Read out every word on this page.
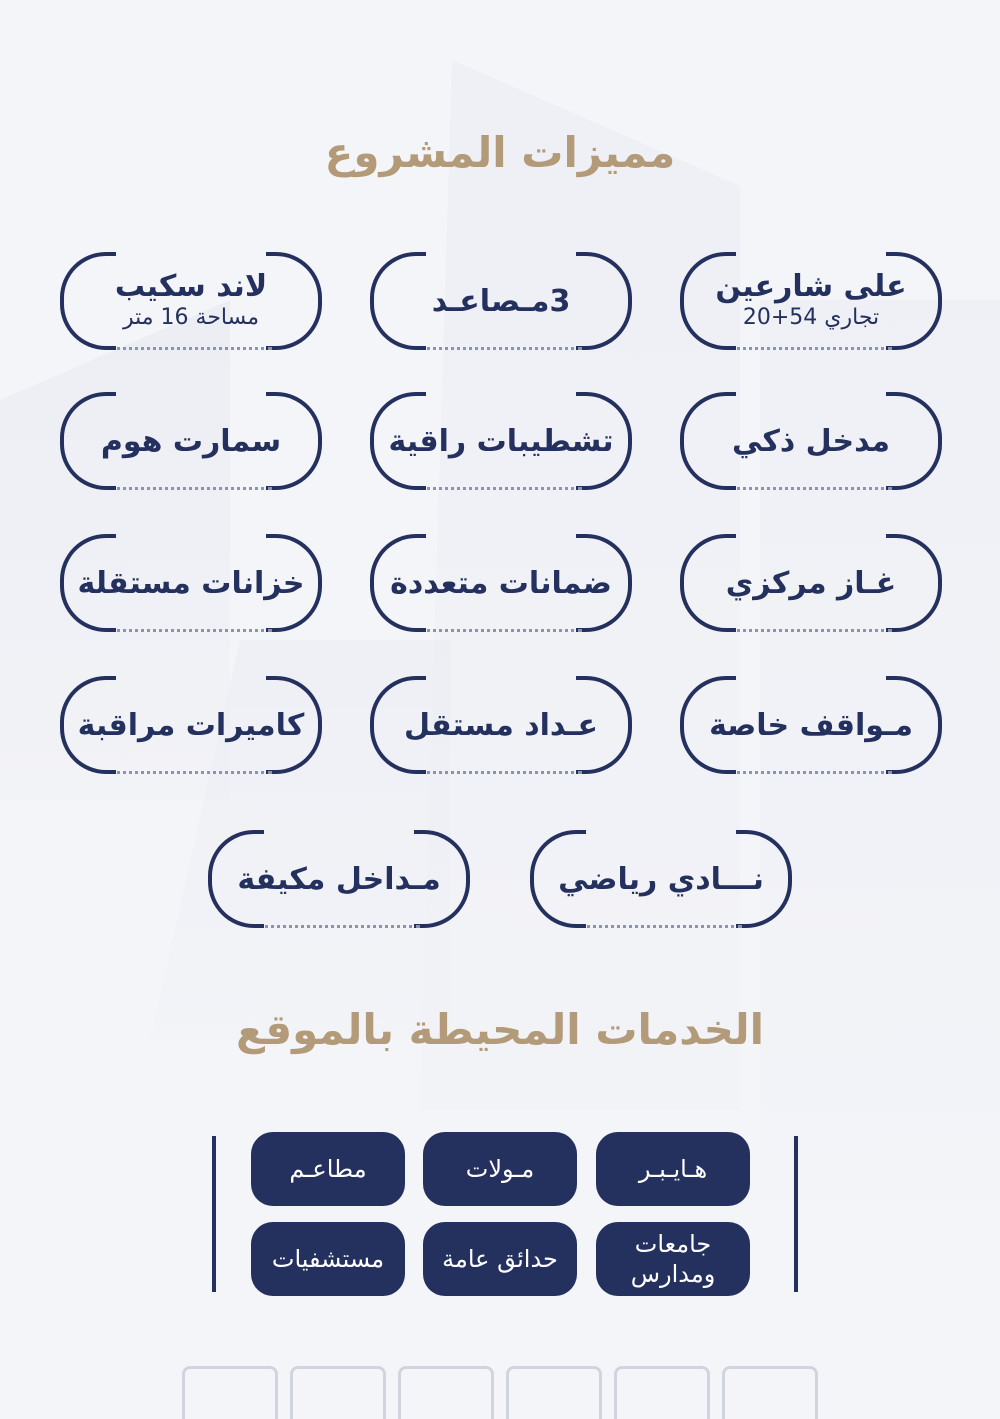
مميزات المشروع
على شارعين
تجاري 54+20
3مـصاعـد
لاند سكيب
مساحة 16 متر
مدخل ذكي
تشطيبات راقية
سمارت هوم
غـاز مركزي
ضمانات متعددة
خزانات مستقلة
مـواقف خاصة
عـداد مستقل
كاميرات مراقبة
نـــادي رياضي
مـداخل مكيفة
الخدمات المحيطة بالموقع
هـايـبـر
مـولات
مطاعـم
جامعات ومدارس
حدائق عامة
مستشفيات
